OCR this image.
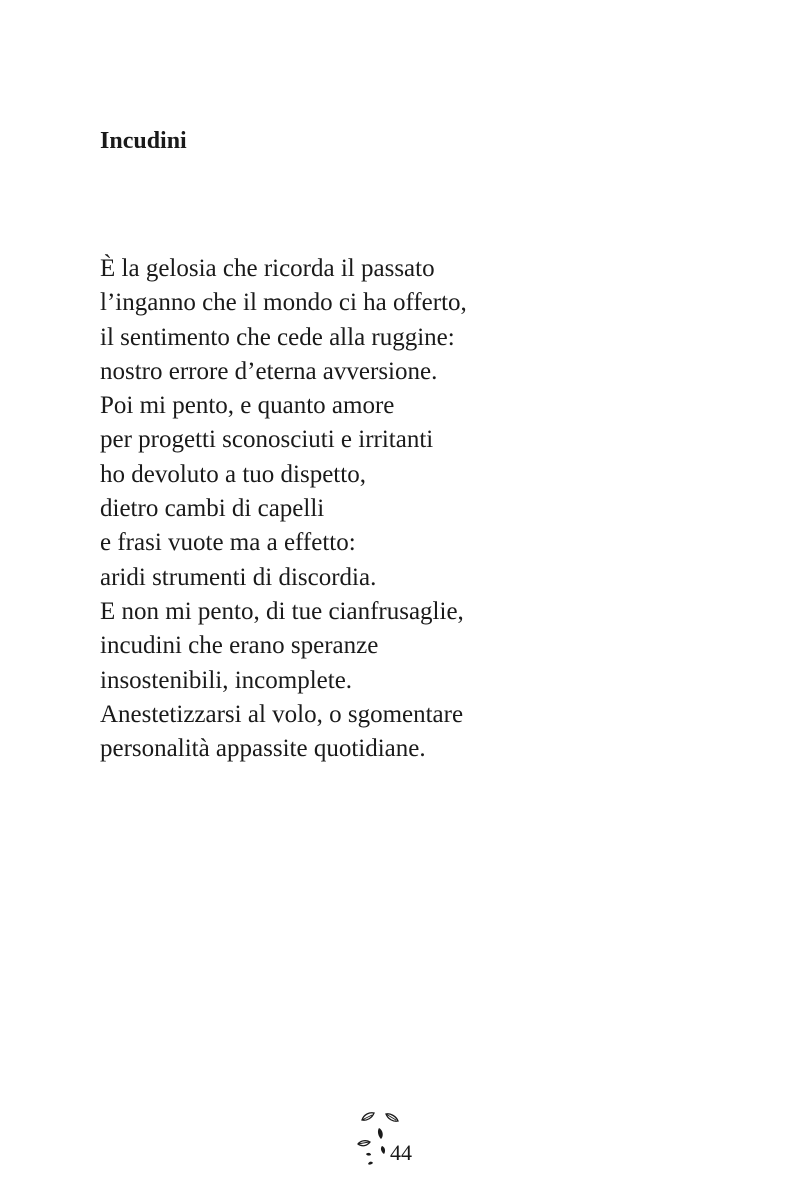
Incudini
È la gelosia che ricorda il passato
l’inganno che il mondo ci ha offerto,
il sentimento che cede alla ruggine:
nostro errore d’eterna avversione.
Poi mi pento, e quanto amore
per progetti sconosciuti e irritanti
ho devoluto a tuo dispetto,
dietro cambi di capelli
e frasi vuote ma a effetto:
aridi strumenti di discordia.
E non mi pento, di tue cianfrusaglie,
incudini che erano speranze
insostenibili, incomplete.
Anestetizzarsi al volo, o sgomentare
personalità appassite quotidiane.
44
